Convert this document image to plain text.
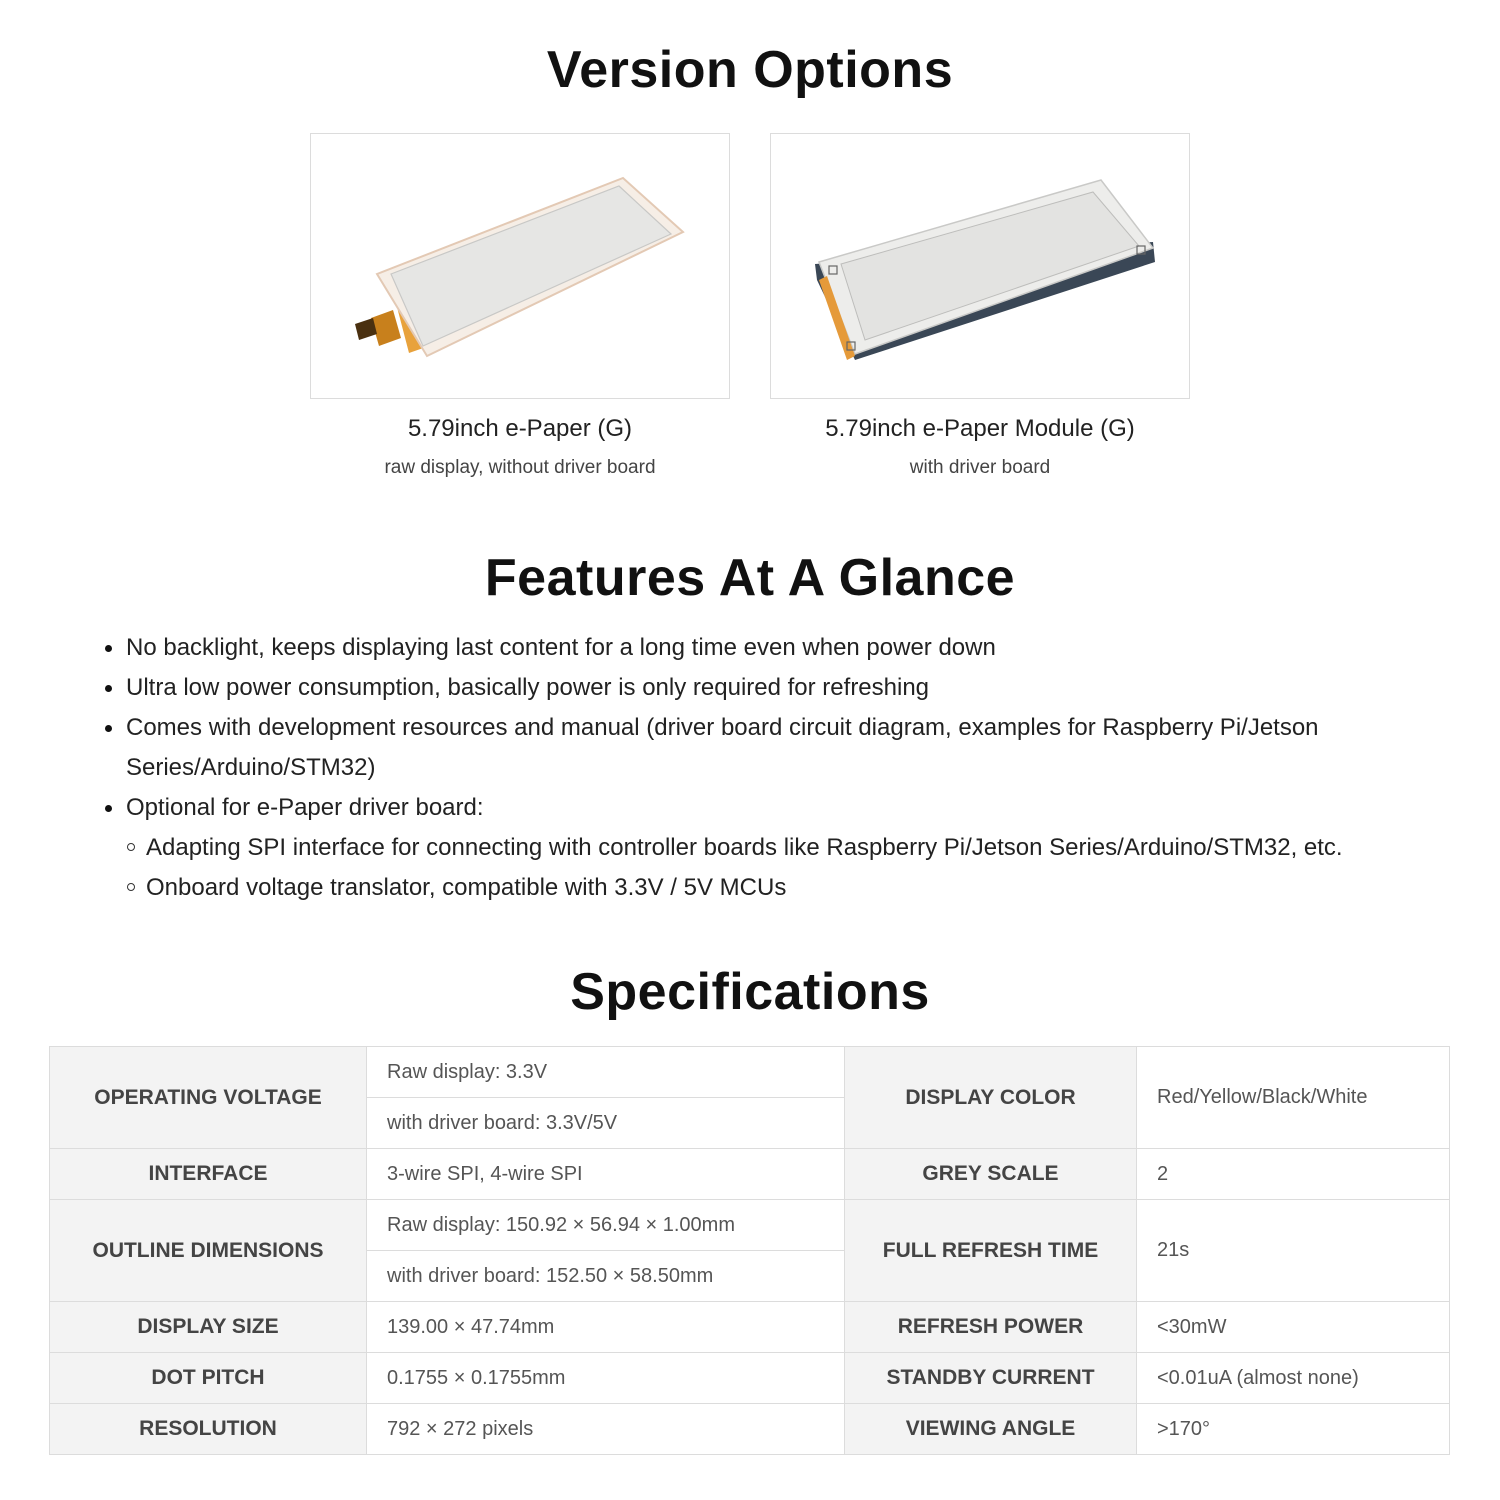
Version Options
5.79inch e-Paper (G)
raw display, without driver board
5.79inch e-Paper Module (G)
with driver board
Features At A Glance
No backlight, keeps displaying last content for a long time even when power down
Ultra low power consumption, basically power is only required for refreshing
Comes with development resources and manual (driver board circuit diagram, examples for Raspberry Pi/Jetson Series/Arduino/STM32)
Optional for e-Paper driver board:
Adapting SPI interface for connecting with controller boards like Raspberry Pi/Jetson Series/Arduino/STM32, etc.
Onboard voltage translator, compatible with 3.3V / 5V MCUs
Specifications
OPERATING VOLTAGE	Raw display: 3.3V	DISPLAY COLOR	Red/Yellow/Black/White
	with driver board: 3.3V/5V		
INTERFACE	3-wire SPI, 4-wire SPI	GREY SCALE	2
OUTLINE DIMENSIONS	Raw display: 150.92 × 56.94 × 1.00mm	FULL REFRESH TIME	21s
	with driver board: 152.50 × 58.50mm		
DISPLAY SIZE	139.00 × 47.74mm	REFRESH POWER	<30mW
DOT PITCH	0.1755 × 0.1755mm	STANDBY CURRENT	<0.01uA (almost none)
RESOLUTION	792 × 272 pixels	VIEWING ANGLE	>170°
